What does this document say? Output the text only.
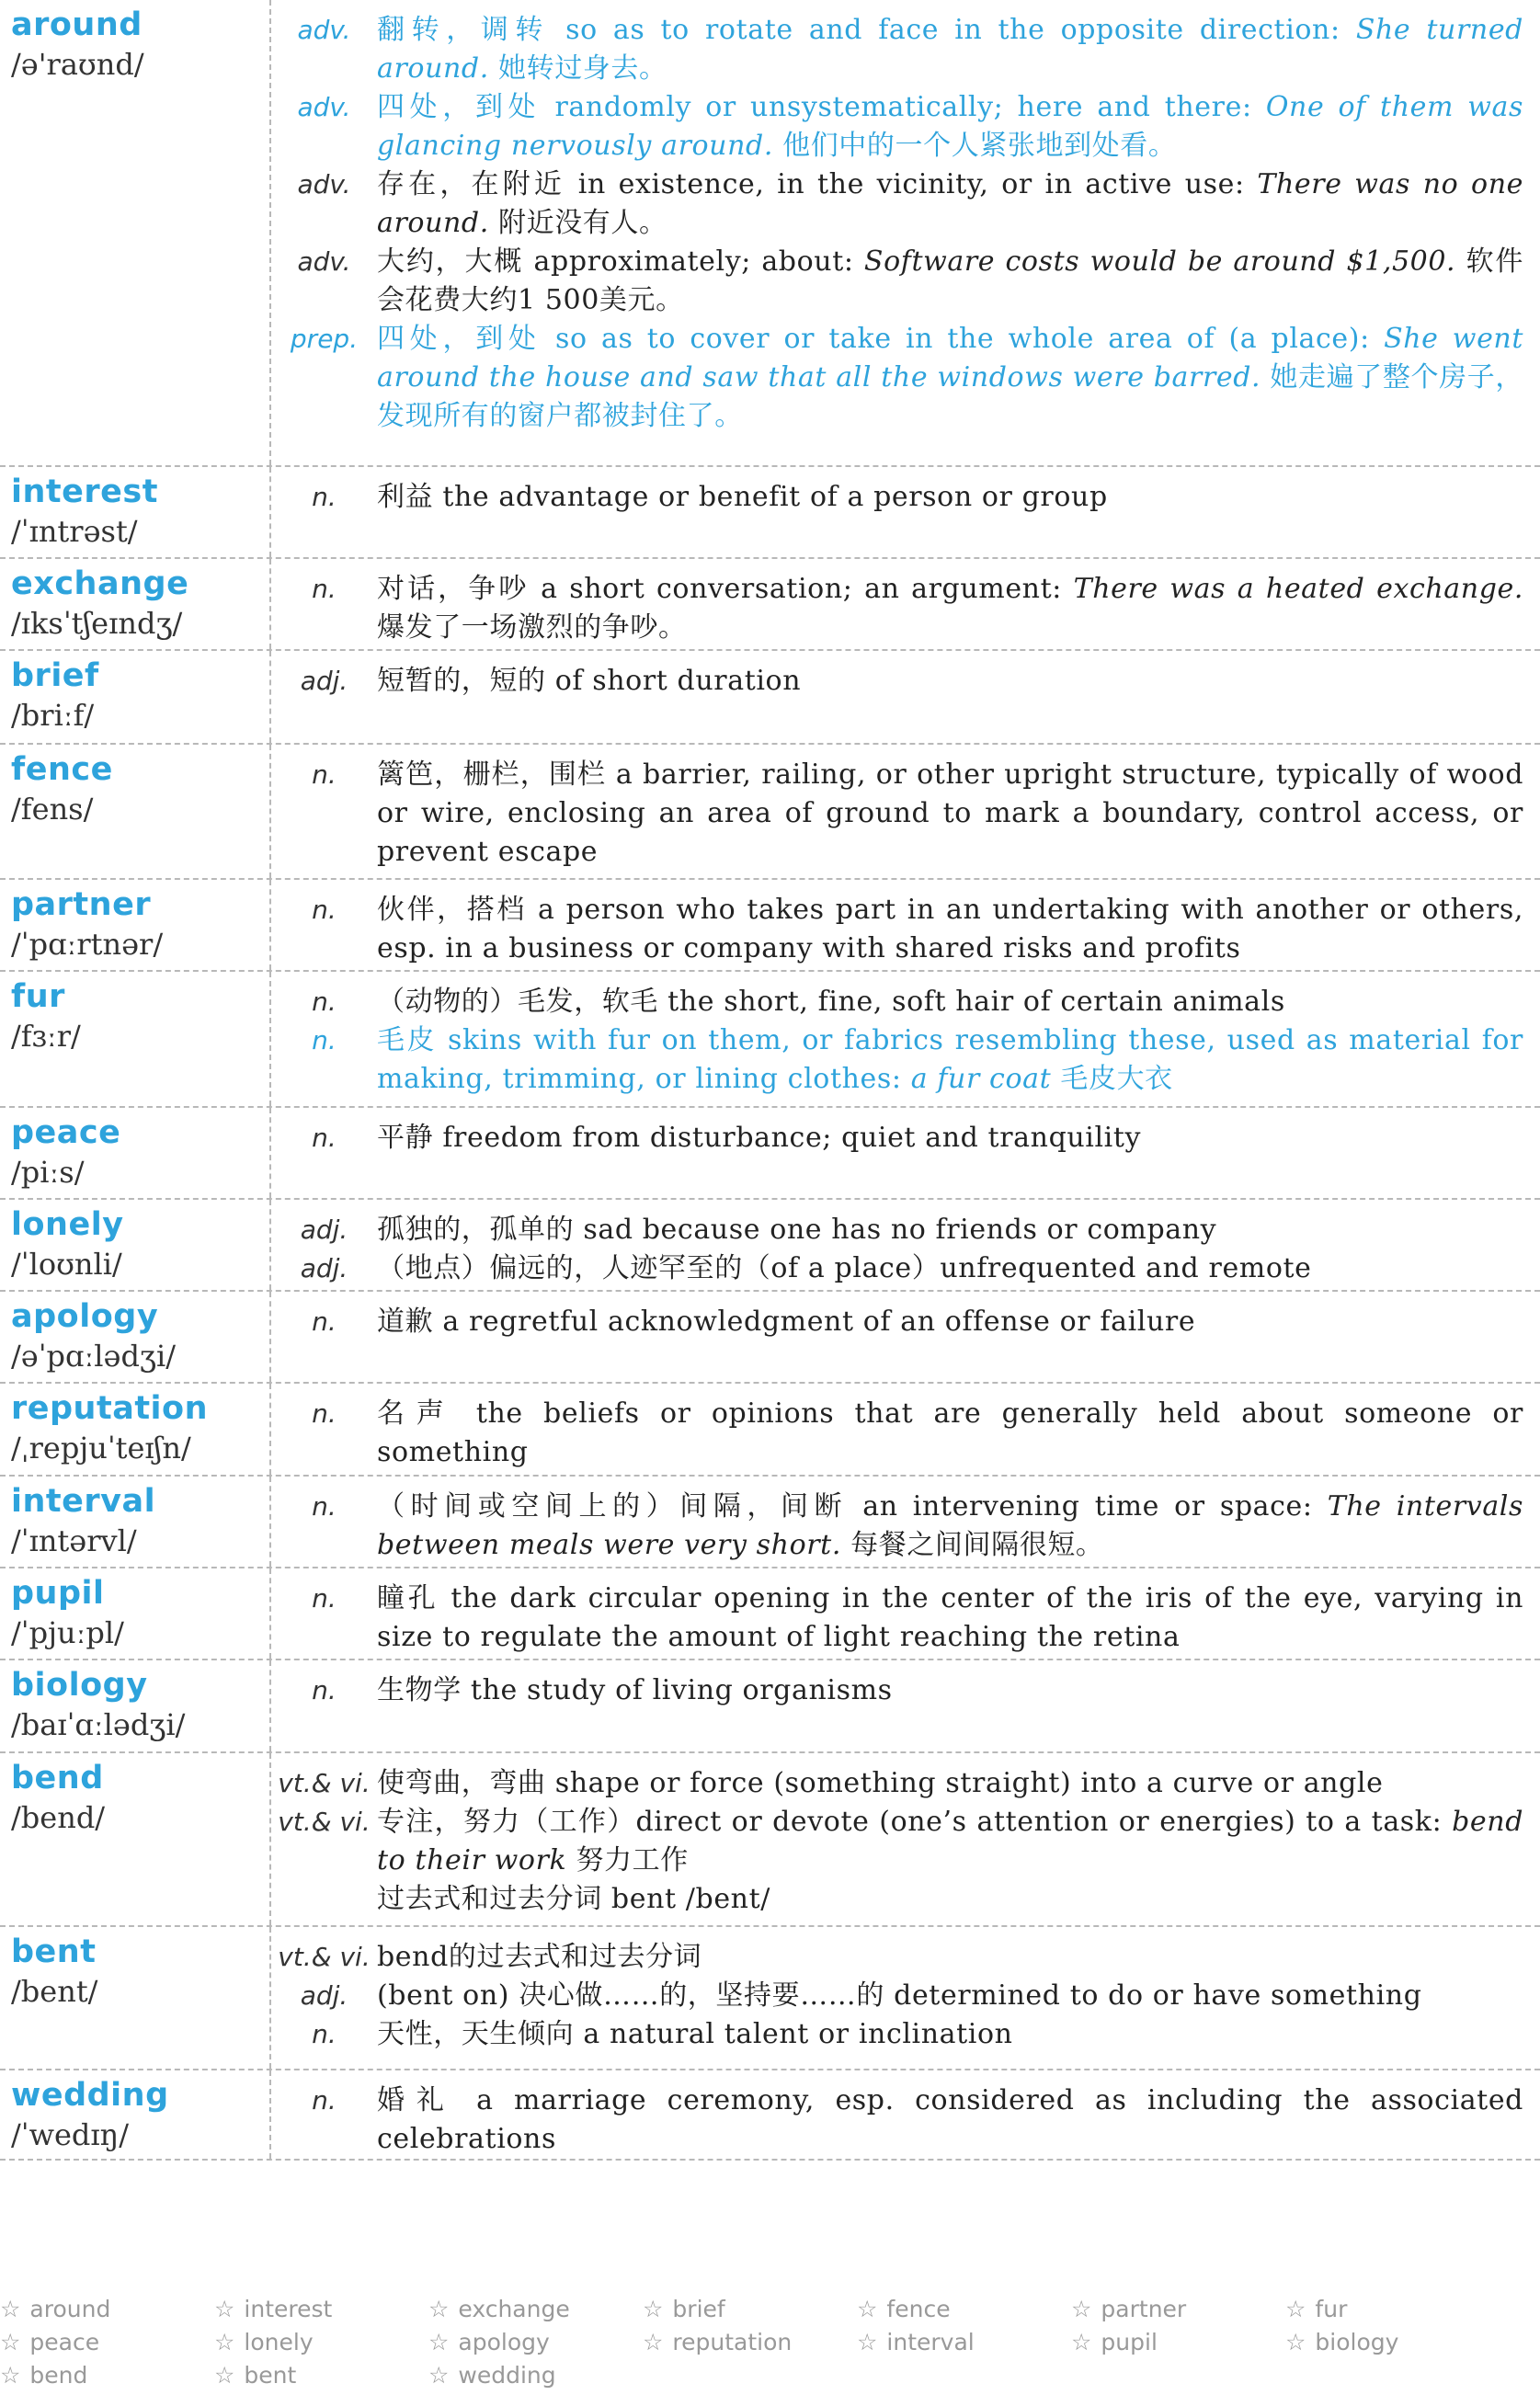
around
/ə'raʊnd/
adv. 翻转，调转 so as to rotate and face in the opposite direction: She turned around. 她转过身去。
adv. 四处，到处 randomly or unsystematically; here and there: One of them was glancing nervously around. 他们中的一个人紧张地到处看。
adv. 存在，在附近 in existence, in the vicinity, or in active use: There was no one around. 附近没有人。
adv. 大约，大概 approximately; about: Software costs would be around $1,500. 软件会花费大约1 500美元。
prep. 四处，到处 so as to cover or take in the whole area of (a place): She went around the house and saw that all the windows were barred. 她走遍了整个房子，发现所有的窗户都被封住了。
interest
/ˈɪntrəst/
n.	利益 the advantage or benefit of a person or group
exchange
/ɪksˈtʃeɪndʒ/
n.	对话，争吵 a short conversation; an argument: There was a heated exchange. 爆发了一场激烈的争吵。
brief
/briːf/
adj.	短暂的，短的 of short duration
fence
/fens/
n.	篱笆，栅栏，围栏 a barrier, railing, or other upright structure, typically of wood or wire, enclosing an area of ground to mark a boundary, control access, or prevent escape
partner
/ˈpɑːrtnər/
n.	伙伴，搭档 a person who takes part in an undertaking with another or others, esp. in a business or company with shared risks and profits
fur
/fɜːr/
n.	（动物的）毛发，软毛 the short, fine, soft hair of certain animals
n.	毛皮 skins with fur on them, or fabrics resembling these, used as material for making, trimming, or lining clothes: a fur coat 毛皮大衣
peace
/piːs/
n.	平静 freedom from disturbance; quiet and tranquility
lonely
/ˈloʊnli/
adj.	孤独的，孤单的 sad because one has no friends or company
adj.	（地点）偏远的，人迹罕至的（of a place）unfrequented and remote
apology
/əˈpɑːlədʒi/
n.	道歉 a regretful acknowledgment of an offense or failure
reputation
/ˌrepjuˈteɪʃn/
n.	名声 the beliefs or opinions that are generally held about someone or something
interval
/ˈɪntərvl/
n.	（时间或空间上的）间隔，间断 an intervening time or space: The intervals between meals were very short. 每餐之间间隔很短。
pupil
/ˈpjuːpl/
n.	瞳孔 the dark circular opening in the center of the iris of the eye, varying in size to regulate the amount of light reaching the retina
biology
/baɪˈɑːlədʒi/
n.	生物学 the study of living organisms
bend
/bend/
vt.& vi. 使弯曲，弯曲 shape or force (something straight) into a curve or angle
vt.& vi. 专注，努力（工作）direct or devote (one’s attention or energies) to a task: bend to their work 努力工作
过去式和过去分词 bent /bent/
bent
/bent/
vt.& vi. bend的过去式和过去分词
adj.	(bent on) 决心做……的，坚持要……的 determined to do or have something
n.	天性，天生倾向 a natural talent or inclination
wedding
/ˈwedɪŋ/
n.	婚礼 a marriage ceremony, esp. considered as including the associated celebrations
☆ around	☆ interest	☆ exchange	☆ brief	☆ fence	☆ partner	☆ fur
☆ peace	☆ lonely	☆ apology	☆ reputation	☆ interval	☆ pupil	☆ biology
☆ bend	☆ bent	☆ wedding
